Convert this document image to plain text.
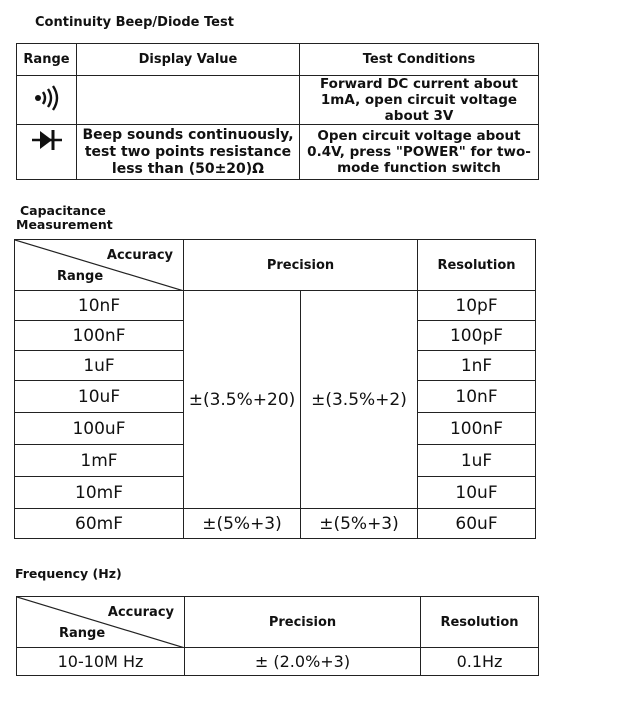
Continuity Beep/Diode Test
Range	Display Value	Test Conditions
		Forward DC current about 1mA, open circuit voltage about 3V
	Beep sounds continuously, test two points resistance less than (50±20)Ω	Open circuit voltage about 0.4V, press "POWER" for two-mode function switch
Capacitance
Measurement
Accuracy
Range	Precision		Resolution
10nF	±(3.5%+20)	±(3.5%+2)	10pF
100nF			100pF
1uF			1nF
10uF			10nF
100uF			100nF
1mF			1uF
10mF			10uF
60mF	±(5%+3)	±(5%+3)	60uF
Frequency (Hz)
Accuracy
Range	Precision	Resolution
10-10M Hz	± (2.0%+3)	0.1Hz
